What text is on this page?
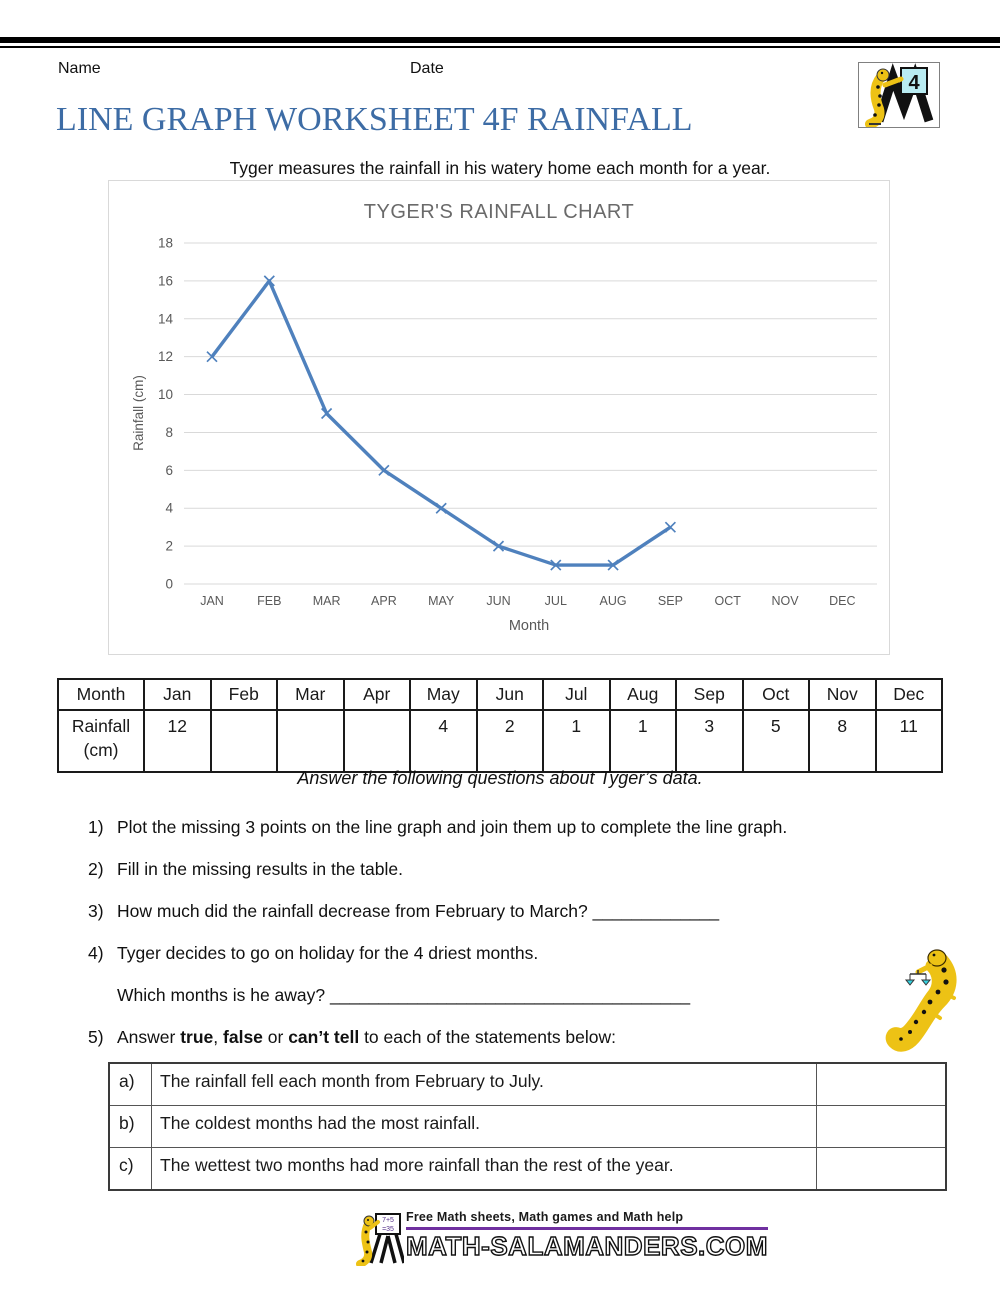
Name	Date
4
LINE GRAPH WORKSHEET 4F RAINFALL
Tyger measures the rainfall in his watery home each month for a year.
TYGER'S RAINFALL CHART
0
2
4
6
8
10
12
14
16
18
JAN	FEB	MAR APR	MAY	JUN	JUL	AUG SEP	OCT NOV DEC
Month
Rainfall (cm)
Month	Jan	Feb	Mar	Apr	May	Jun	Jul	Aug	Sep	Oct	Nov	Dec

Rainfall
(cm)	12				4	2	1	1	3	5	8	11
Answer the following questions about Tyger’s data.
1) Plot the missing 3 points on the line graph and join them up to complete the line graph.
2) Fill in the missing results in the table.
3) How much did the rainfall decrease from February to March? _____________
4) Tyger decides to go on holiday for the 4 driest months.
Which months is he away? _____________________________________
5) Answer true, false or can’t tell to each of the statements below:
a)	The rainfall fell each month from February to July.	
b)	The coldest months had the most rainfall.	
c)	The wettest two months had more rainfall than the rest of the year.	
7+5
=35
Free Math sheets, Math games and Math help
MATH-SALAMANDERS.COM
